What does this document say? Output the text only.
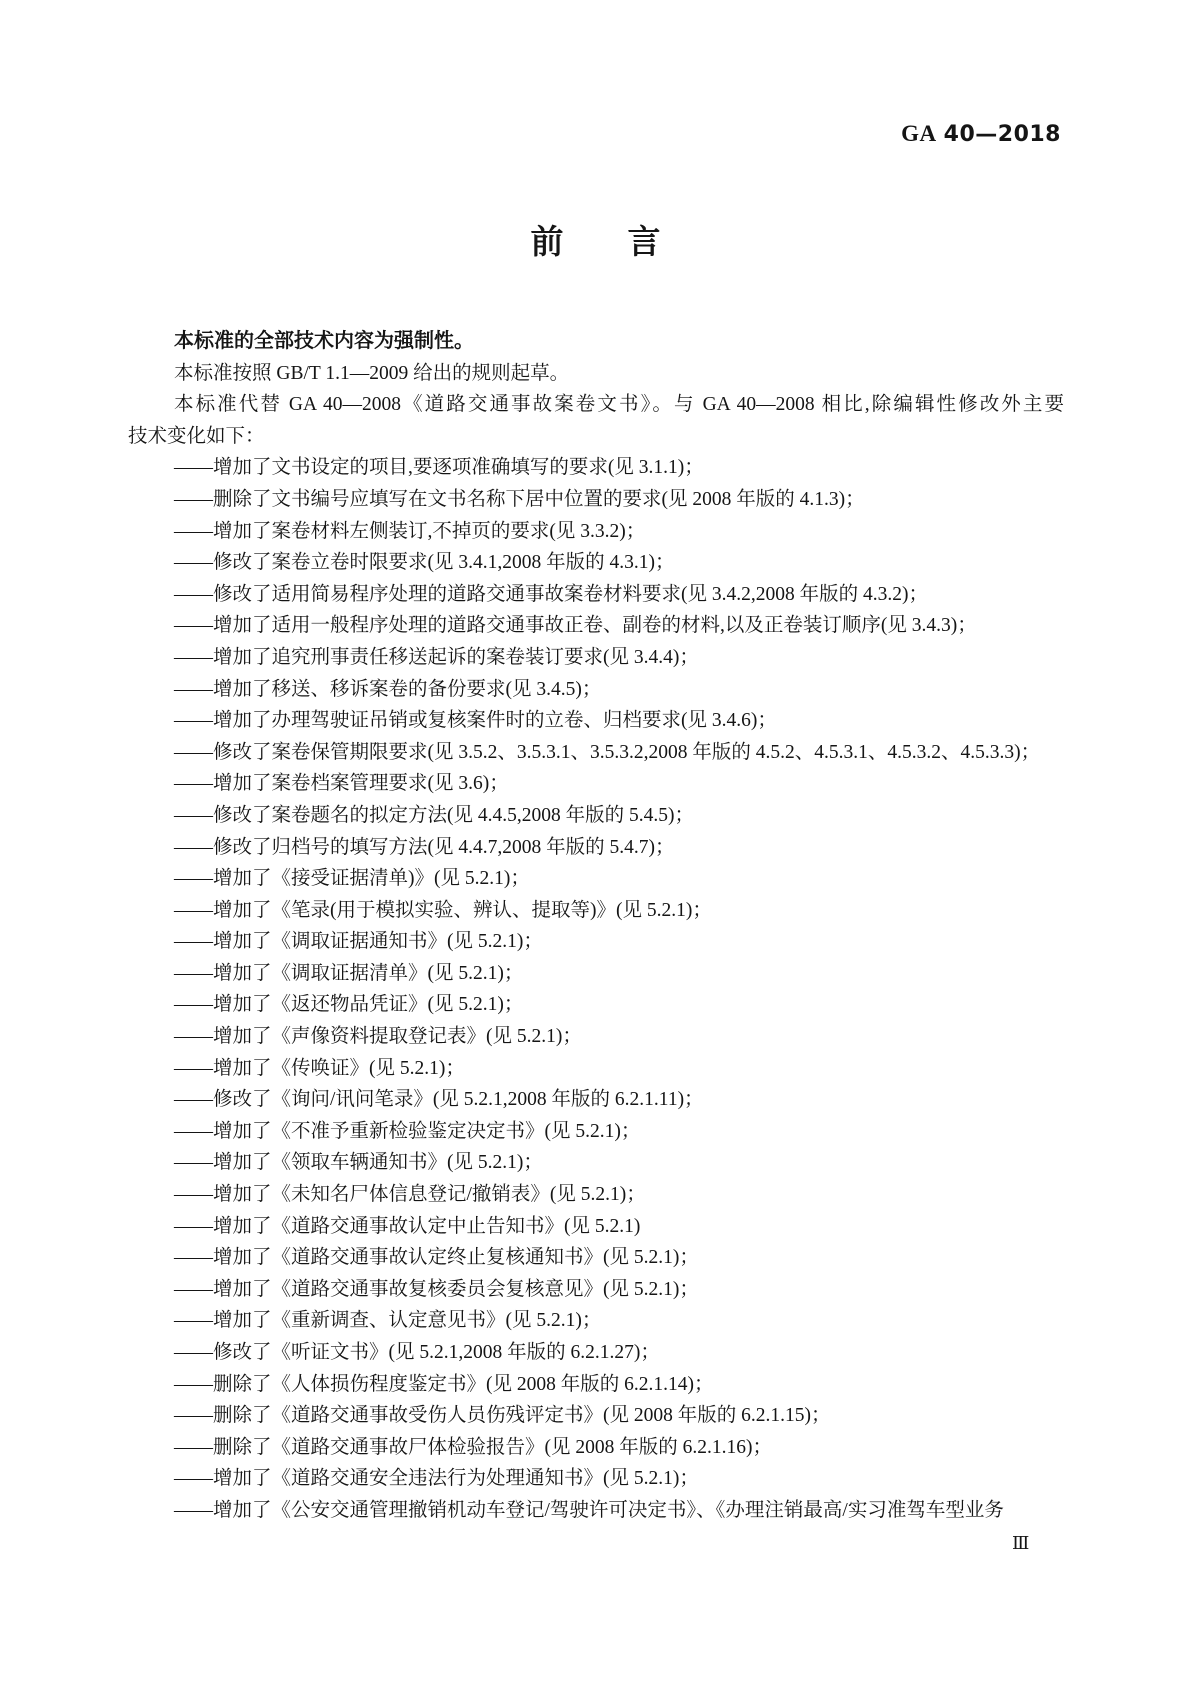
GA 40—2018
前 言

本标准的全部技术内容为强制性。

本标准按照 GB/T 1.1—2009 给出的规则起草。

本标准代替 GA 40—2008《道路交通事故案卷文书》。与 GA 40—2008 相比,除编辑性修改外主要
技术变化如下：

——增加了文书设定的项目,要逐项准确填写的要求(见 3.1.1)；
——删除了文书编号应填写在文书名称下居中位置的要求(见 2008 年版的 4.1.3)；
——增加了案卷材料左侧装订,不掉页的要求(见 3.3.2)；
——修改了案卷立卷时限要求(见 3.4.1,2008 年版的 4.3.1)；
——修改了适用简易程序处理的道路交通事故案卷材料要求(见 3.4.2,2008 年版的 4.3.2)；
——增加了适用一般程序处理的道路交通事故正卷、副卷的材料,以及正卷装订顺序(见 3.4.3)；
——增加了追究刑事责任移送起诉的案卷装订要求(见 3.4.4)；
——增加了移送、移诉案卷的备份要求(见 3.4.5)；
——增加了办理驾驶证吊销或复核案件时的立卷、归档要求(见 3.4.6)；
——修改了案卷保管期限要求(见 3.5.2、3.5.3.1、3.5.3.2,2008 年版的 4.5.2、4.5.3.1、4.5.3.2、4.5.3.3)；
——增加了案卷档案管理要求(见 3.6)；
——修改了案卷题名的拟定方法(见 4.4.5,2008 年版的 5.4.5)；
——修改了归档号的填写方法(见 4.4.7,2008 年版的 5.4.7)；
——增加了《接受证据清单)》(见 5.2.1)；
——增加了《笔录(用于模拟实验、辨认、提取等)》(见 5.2.1)；
——增加了《调取证据通知书》(见 5.2.1)；
——增加了《调取证据清单》(见 5.2.1)；
——增加了《返还物品凭证》(见 5.2.1)；
——增加了《声像资料提取登记表》(见 5.2.1)；
——增加了《传唤证》(见 5.2.1)；
——修改了《询问/讯问笔录》(见 5.2.1,2008 年版的 6.2.1.11)；
——增加了《不准予重新检验鉴定决定书》(见 5.2.1)；
——增加了《领取车辆通知书》(见 5.2.1)；
——增加了《未知名尸体信息登记/撤销表》(见 5.2.1)；
——增加了《道路交通事故认定中止告知书》(见 5.2.1)
——增加了《道路交通事故认定终止复核通知书》(见 5.2.1)；
——增加了《道路交通事故复核委员会复核意见》(见 5.2.1)；
——增加了《重新调查、认定意见书》(见 5.2.1)；
——修改了《听证文书》(见 5.2.1,2008 年版的 6.2.1.27)；
——删除了《人体损伤程度鉴定书》(见 2008 年版的 6.2.1.14)；
——删除了《道路交通事故受伤人员伤残评定书》(见 2008 年版的 6.2.1.15)；
——删除了《道路交通事故尸体检验报告》(见 2008 年版的 6.2.1.16)；
——增加了《道路交通安全违法行为处理通知书》(见 5.2.1)；
——增加了《公安交通管理撤销机动车登记/驾驶许可决定书》、《办理注销最高/实习准驾车型业务
Ⅲ
